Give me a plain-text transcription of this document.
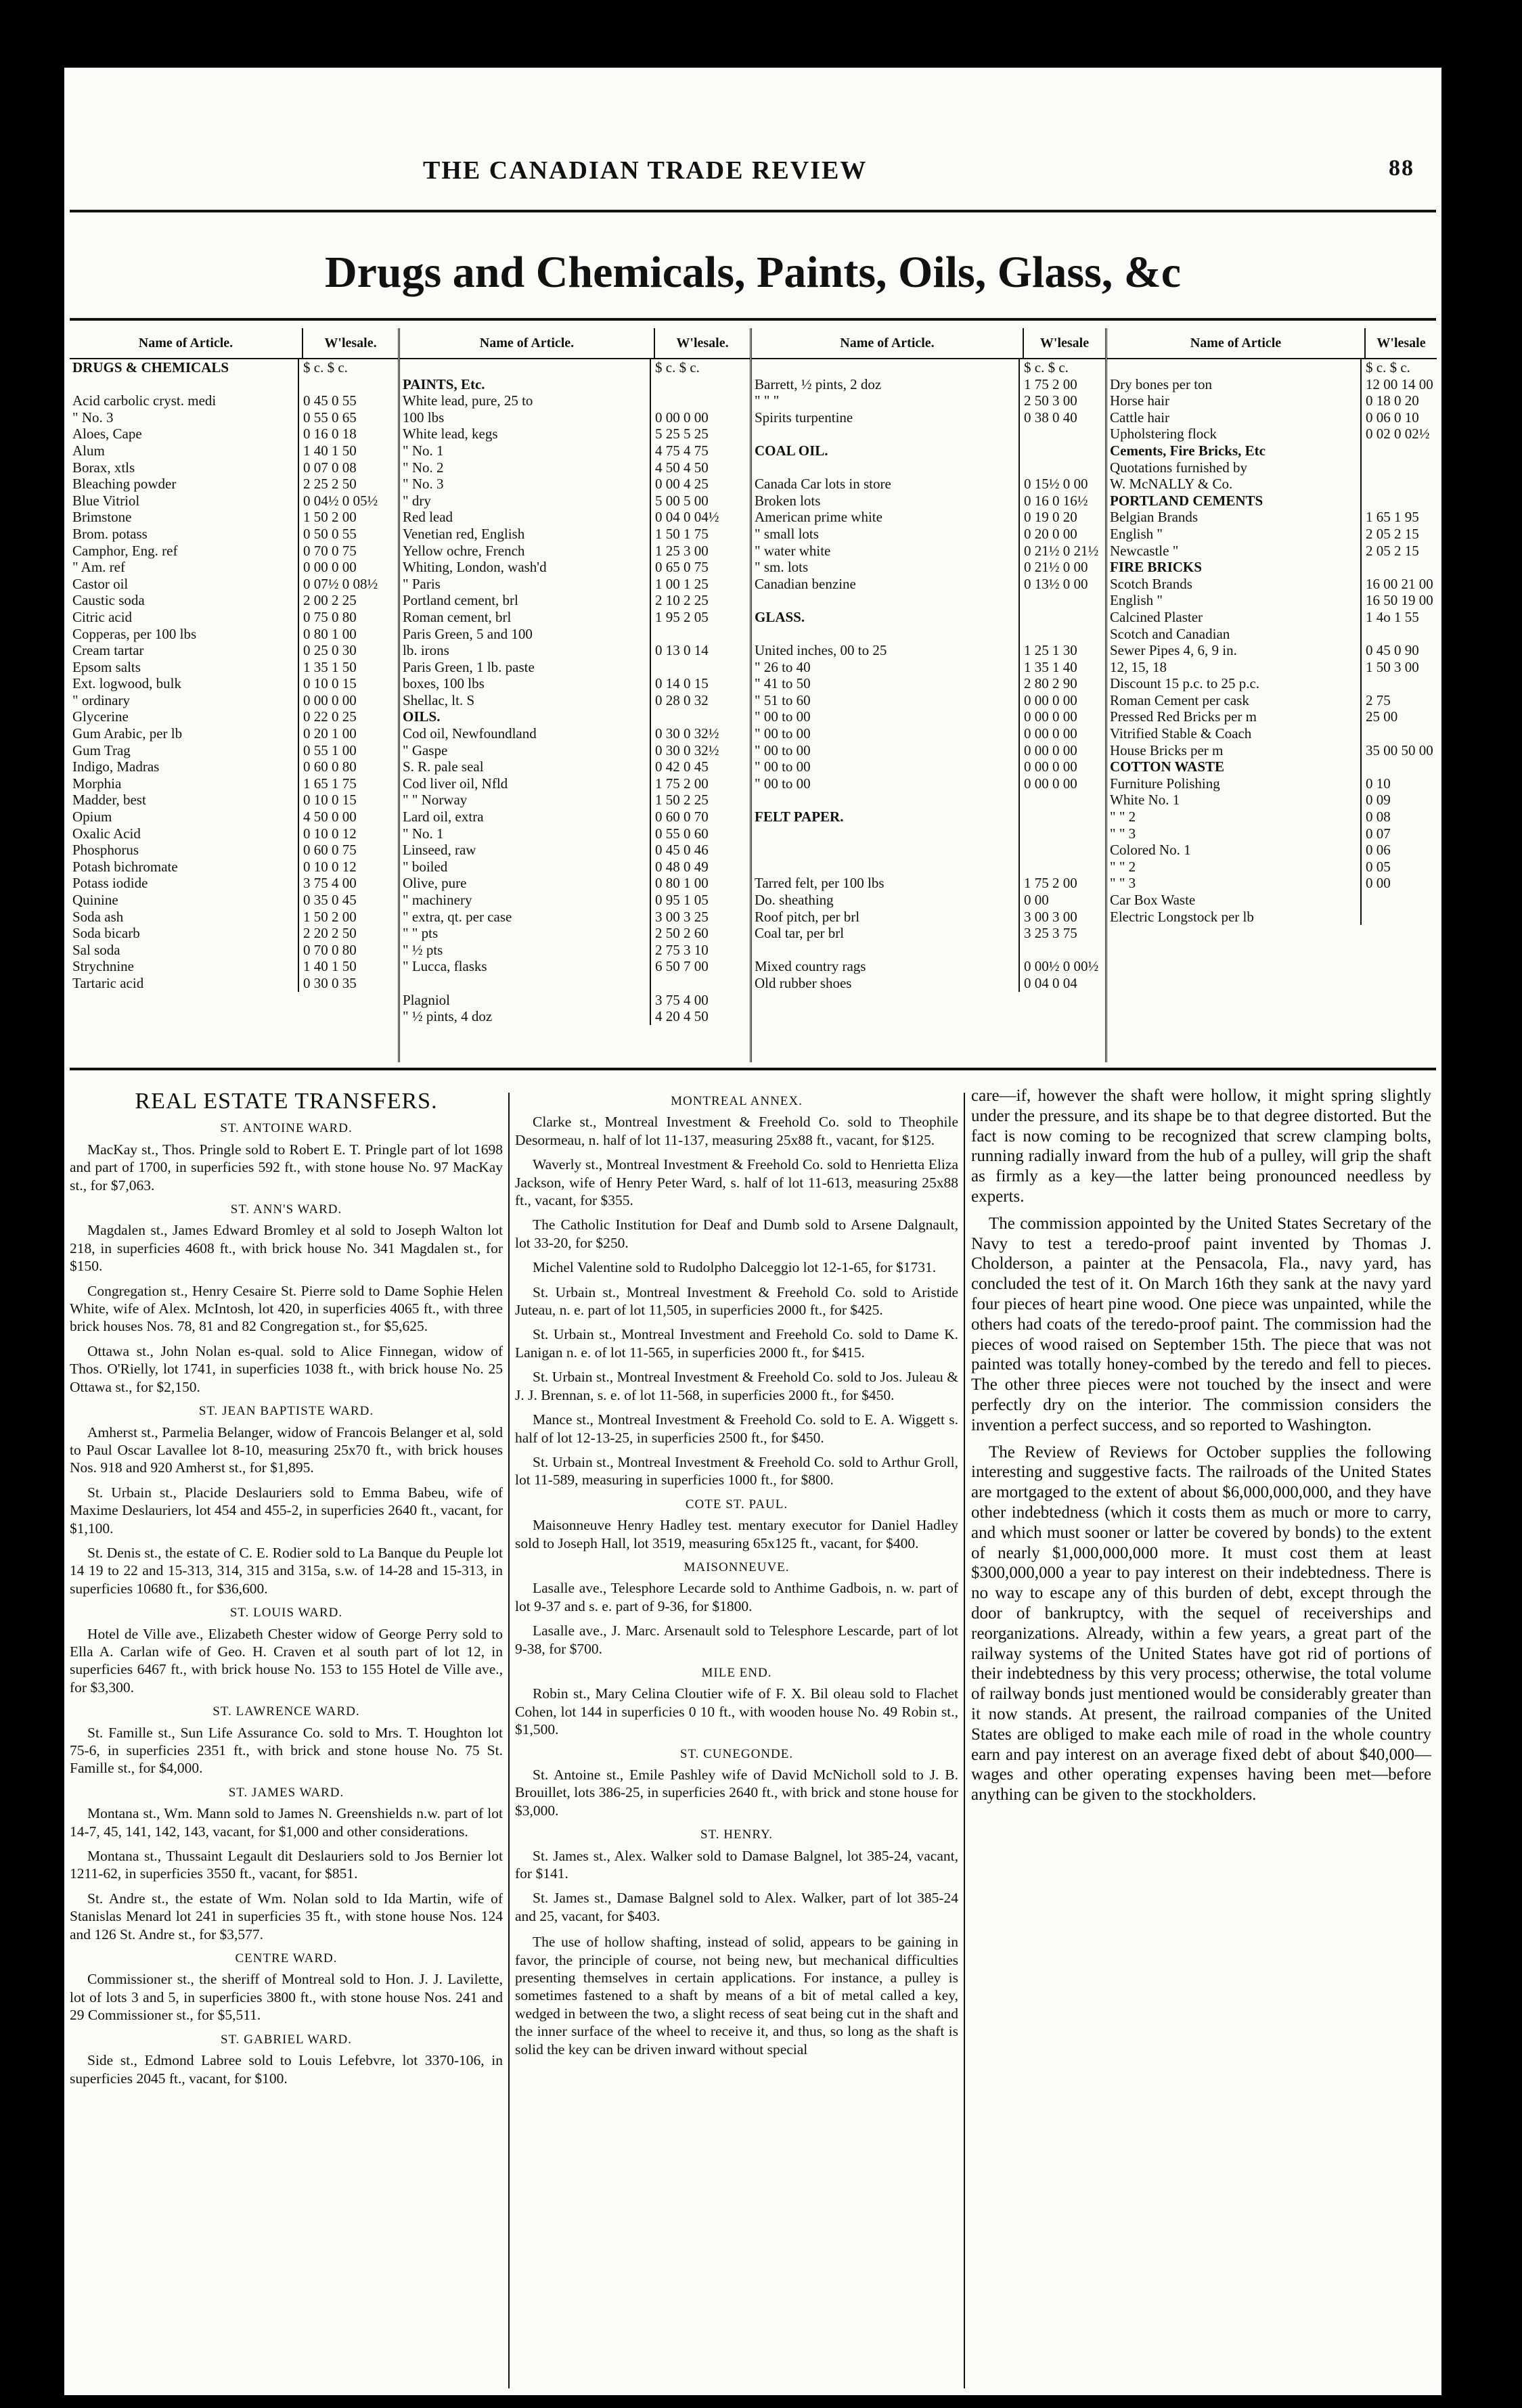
THE CANADIAN TRADE REVIEW	88
Drugs and Chemicals, Paints, Oils, Glass, &c
Name of Article.	W'lesale.
DRUGS & CHEMICALS	$ c. $ c.
Acid carbolic cryst. medi	0 45 0 55
" No. 3	0 55 0 65
Aloes, Cape	0 16 0 18
Alum	1 40 1 50
Borax, xtls	0 07 0 08
Bleaching powder	2 25 2 50
Blue Vitriol	0 04½ 0 05½
Brimstone	1 50 2 00
Brom. potass	0 50 0 55
Camphor, Eng. ref	0 70 0 75
" Am. ref	0 00 0 00
Castor oil	0 07½ 0 08½
Caustic soda	2 00 2 25
Citric acid	0 75 0 80
Copperas, per 100 lbs	0 80 1 00
Cream tartar	0 25 0 30
Epsom salts	1 35 1 50
Ext. logwood, bulk	0 10 0 15
" ordinary	0 00 0 00
Glycerine	0 22 0 25
Gum Arabic, per lb	0 20 1 00
Gum Trag	0 55 1 00
Indigo, Madras	0 60 0 80
Morphia	1 65 1 75
Madder, best	0 10 0 15
Opium	4 50 0 00
Oxalic Acid	0 10 0 12
Phosphorus	0 60 0 75
Potash bichromate	0 10 0 12
Potass iodide	3 75 4 00
Quinine	0 35 0 45
Soda ash	1 50 2 00
Soda bicarb	2 20 2 50
Sal soda	0 70 0 80
Strychnine	1 40 1 50
Tartaric acid	0 30 0 35
Name of Article.	W'lesale.
$ c. $ c.
PAINTS, Etc.
White lead, pure, 25 to
100 lbs	0 00 0 00
White lead, kegs	5 25 5 25
" No. 1	4 75 4 75
" No. 2	4 50 4 50
" No. 3	0 00 4 25
" dry	5 00 5 00
Red lead	0 04 0 04½
Venetian red, English	1 50 1 75
Yellow ochre, French	1 25 3 00
Whiting, London, wash'd	0 65 0 75
" Paris	1 00 1 25
Portland cement, brl	2 10 2 25
Roman cement, brl	1 95 2 05
Paris Green, 5 and 100
lb. irons	0 13 0 14
Paris Green, 1 lb. paste
boxes, 100 lbs	0 14 0 15
Shellac, lt. S	0 28 0 32
OILS.
Cod oil, Newfoundland	0 30 0 32½
" Gaspe	0 30 0 32½
S. R. pale seal	0 42 0 45
Cod liver oil, Nfld	1 75 2 00
" " Norway	1 50 2 25
Lard oil, extra	0 60 0 70
" No. 1	0 55 0 60
Linseed, raw	0 45 0 46
" boiled	0 48 0 49
Olive, pure	0 80 1 00
" machinery	0 95 1 05
" extra, qt. per case	3 00 3 25
" " pts	2 50 2 60
" ½ pts	2 75 3 10
" Lucca, flasks	6 50 7 00
Plagniol	3 75 4 00
" ½ pints, 4 doz	4 20 4 50
Name of Article.	W'lesale
$ c. $ c.
Barrett, ½ pints, 2 doz	1 75 2 00
" " "	2 50 3 00
Spirits turpentine	0 38 0 40
COAL OIL.
Canada Car lots in store	0 15½ 0 00
Broken lots	0 16 0 16½
American prime white	0 19 0 20
" small lots	0 20 0 00
" water white	0 21½ 0 21½
" sm. lots	0 21½ 0 00
Canadian benzine	0 13½ 0 00
GLASS.
United inches, 00 to 25	1 25 1 30
" 26 to 40	1 35 1 40
" 41 to 50	2 80 2 90
" 51 to 60	0 00 0 00
" 00 to 00	0 00 0 00
" 00 to 00	0 00 0 00
" 00 to 00	0 00 0 00
" 00 to 00	0 00 0 00
" 00 to 00	0 00 0 00
FELT PAPER.
Tarred felt, per 100 lbs	1 75 2 00
Do. sheathing	0 00
Roof pitch, per brl	3 00 3 00
Coal tar, per brl	3 25 3 75
Mixed country rags	0 00½ 0 00½
Old rubber shoes	0 04 0 04
Name of Article	W'lesale
$ c. $ c.
Dry bones per ton	12 00 14 00
Horse hair	0 18 0 20
Cattle hair	0 06 0 10
Upholstering flock	0 02 0 02½
Cements, Fire Bricks, Etc
Quotations furnished by
W. McNALLY & Co.
PORTLAND CEMENTS
Belgian Brands	1 65 1 95
English "	2 05 2 15
Newcastle "	2 05 2 15
FIRE BRICKS
Scotch Brands	16 00 21 00
English "	16 50 19 00
Calcined Plaster	1 4o 1 55
Scotch and Canadian
Sewer Pipes 4, 6, 9 in.	0 45 0 90
12, 15, 18	1 50 3 00
Discount 15 p.c. to 25 p.c.
Roman Cement per cask	2 75
Pressed Red Bricks per m	25 00
Vitrified Stable & Coach
House Bricks per m	35 00 50 00
COTTON WASTE
Furniture Polishing	0 10
White No. 1	0 09
" " 2	0 08
" " 3	0 07
Colored No. 1	0 06
" " 2	0 05
" " 3	0 00
Car Box Waste
Electric Longstock per lb
REAL ESTATE TRANSFERS.
ST. ANTOINE WARD.

MacKay st., Thos. Pringle sold to Robert E. T. Pringle part of lot 1698 and part of 1700, in superficies 592 ft., with stone house No. 97 MacKay st., for $7,063.

ST. ANN'S WARD.

Magdalen st., James Edward Bromley et al sold to Joseph Walton lot 218, in superficies 4608 ft., with brick house No. 341 Magdalen st., for $150.

Congregation st., Henry Cesaire St. Pierre sold to Dame Sophie Helen White, wife of Alex. McIntosh, lot 420, in superficies 4065 ft., with three brick houses Nos. 78, 81 and 82 Congregation st., for $5,625.

Ottawa st., John Nolan es-qual. sold to Alice Finnegan, widow of Thos. O'Rielly, lot 1741, in superficies 1038 ft., with brick house No. 25 Ottawa st., for $2,150.

ST. JEAN BAPTISTE WARD.

Amherst st., Parmelia Belanger, widow of Francois Belanger et al, sold to Paul Oscar Lavallee lot 8-10, measuring 25x70 ft., with brick houses Nos. 918 and 920 Amherst st., for $1,895.

St. Urbain st., Placide Deslauriers sold to Emma Babeu, wife of Maxime Deslauriers, lot 454 and 455-2, in superficies 2640 ft., vacant, for $1,100.

St. Denis st., the estate of C. E. Rodier sold to La Banque du Peuple lot 14 19 to 22 and 15-313, 314, 315 and 315a, s.w. of 14-28 and 15-313, in superficies 10680 ft., for $36,600.

ST. LOUIS WARD.

Hotel de Ville ave., Elizabeth Chester widow of George Perry sold to Ella A. Carlan wife of Geo. H. Craven et al south part of lot 12, in superficies 6467 ft., with brick house No. 153 to 155 Hotel de Ville ave., for $3,300.

ST. LAWRENCE WARD.

St. Famille st., Sun Life Assurance Co. sold to Mrs. T. Houghton lot 75-6, in superficies 2351 ft., with brick and stone house No. 75 St. Famille st., for $4,000.

ST. JAMES WARD.

Montana st., Wm. Mann sold to James N. Greenshields n.w. part of lot 14-7, 45, 141, 142, 143, vacant, for $1,000 and other considerations.

Montana st., Thussaint Legault dit Deslauriers sold to Jos Bernier lot 1211-62, in superficies 3550 ft., vacant, for $851.

St. Andre st., the estate of Wm. Nolan sold to Ida Martin, wife of Stanislas Menard lot 241 in superficies 35 ft., with stone house Nos. 124 and 126 St. Andre st., for $3,577.

CENTRE WARD.

Commissioner st., the sheriff of Montreal sold to Hon. J. J. Lavilette, lot of lots 3 and 5, in superficies 3800 ft., with stone house Nos. 241 and 29 Commissioner st., for $5,511.

ST. GABRIEL WARD.

Side st., Edmond Labree sold to Louis Lefebvre, lot 3370-106, in superficies 2045 ft., vacant, for $100.

MONTREAL ANNEX.

Clarke st., Montreal Investment & Freehold Co. sold to Theophile Desormeau, n. half of lot 11-137, measuring 25x88 ft., vacant, for $125.

Waverly st., Montreal Investment & Freehold Co. sold to Henrietta Eliza Jackson, wife of Henry Peter Ward, s. half of lot 11-613, measuring 25x88 ft., vacant, for $355.

The Catholic Institution for Deaf and Dumb sold to Arsene Dalgnault, lot 33-20, for $250.

Michel Valentine sold to Rudolpho Dalceggio lot 12-1-65, for $1731.

St. Urbain st., Montreal Investment & Freehold Co. sold to Aristide Juteau, n. e. part of lot 11,505, in superficies 2000 ft., for $425.

St. Urbain st., Montreal Investment and Freehold Co. sold to Dame K. Lanigan n. e. of lot 11-565, in superficies 2000 ft., for $415.

St. Urbain st., Montreal Investment & Freehold Co. sold to Jos. Juleau & J. J. Brennan, s. e. of lot 11-568, in superficies 2000 ft., for $450.

Mance st., Montreal Investment & Freehold Co. sold to E. A. Wiggett s. half of lot 12-13-25, in superficies 2500 ft., for $450.

St. Urbain st., Montreal Investment & Freehold Co. sold to Arthur Groll, lot 11-589, measuring in superficies 1000 ft., for $800.

COTE ST. PAUL.

Maisonneuve Henry Hadley test. mentary executor for Daniel Hadley sold to Joseph Hall, lot 3519, measuring 65x125 ft., vacant, for $400.

MAISONNEUVE.

Lasalle ave., Telesphore Lecarde sold to Anthime Gadbois, n. w. part of lot 9-37 and s. e. part of 9-36, for $1800.

Lasalle ave., J. Marc. Arsenault sold to Telesphore Lescarde, part of lot 9-38, for $700.

MILE END.

Robin st., Mary Celina Cloutier wife of F. X. Bil oleau sold to Flachet Cohen, lot 144 in superficies 0 10 ft., with wooden house No. 49 Robin st., $1,500.

ST. CUNEGONDE.

St. Antoine st., Emile Pashley wife of David McNicholl sold to J. B. Brouillet, lots 386-25, in superficies 2640 ft., with brick and stone house for $3,000.

ST. HENRY.

St. James st., Alex. Walker sold to Damase Balgnel, lot 385-24, vacant, for $141.

St. James st., Damase Balgnel sold to Alex. Walker, part of lot 385-24 and 25, vacant, for $403.

The use of hollow shafting, instead of solid, appears to be gaining in favor, the principle of course, not being new, but mechanical difficulties presenting themselves in certain applications. For instance, a pulley is sometimes fastened to a shaft by means of a bit of metal called a key, wedged in between the two, a slight recess of seat being cut in the shaft and the inner surface of the wheel to receive it, and thus, so long as the shaft is solid the key can be driven inward without special

care—if, however the shaft were hollow, it might spring slightly under the pressure, and its shape be to that degree distorted. But the fact is now coming to be recognized that screw clamping bolts, running radially inward from the hub of a pulley, will grip the shaft as firmly as a key—the latter being pronounced needless by experts.

The commission appointed by the United States Secretary of the Navy to test a teredo-proof paint invented by Thomas J. Cholderson, a painter at the Pensacola, Fla., navy yard, has concluded the test of it. On March 16th they sank at the navy yard four pieces of heart pine wood. One piece was unpainted, while the others had coats of the teredo-proof paint. The commission had the pieces of wood raised on September 15th. The piece that was not painted was totally honey-combed by the teredo and fell to pieces. The other three pieces were not touched by the insect and were perfectly dry on the interior. The commission considers the invention a perfect success, and so reported to Washington.

The Review of Reviews for October supplies the following interesting and suggestive facts. The railroads of the United States are mortgaged to the extent of about $6,000,000,000, and they have other indebtedness (which it costs them as much or more to carry, and which must sooner or latter be covered by bonds) to the extent of nearly $1,000,000,000 more. It must cost them at least $300,000,000 a year to pay interest on their indebtedness. There is no way to escape any of this burden of debt, except through the door of bankruptcy, with the sequel of receiverships and reorganizations. Already, within a few years, a great part of the railway systems of the United States have got rid of portions of their indebtedness by this very process; otherwise, the total volume of railway bonds just mentioned would be considerably greater than it now stands. At present, the railroad companies of the United States are obliged to make each mile of road in the whole country earn and pay interest on an average fixed debt of about $40,000—wages and other operating expenses having been met—before anything can be given to the stockholders.
